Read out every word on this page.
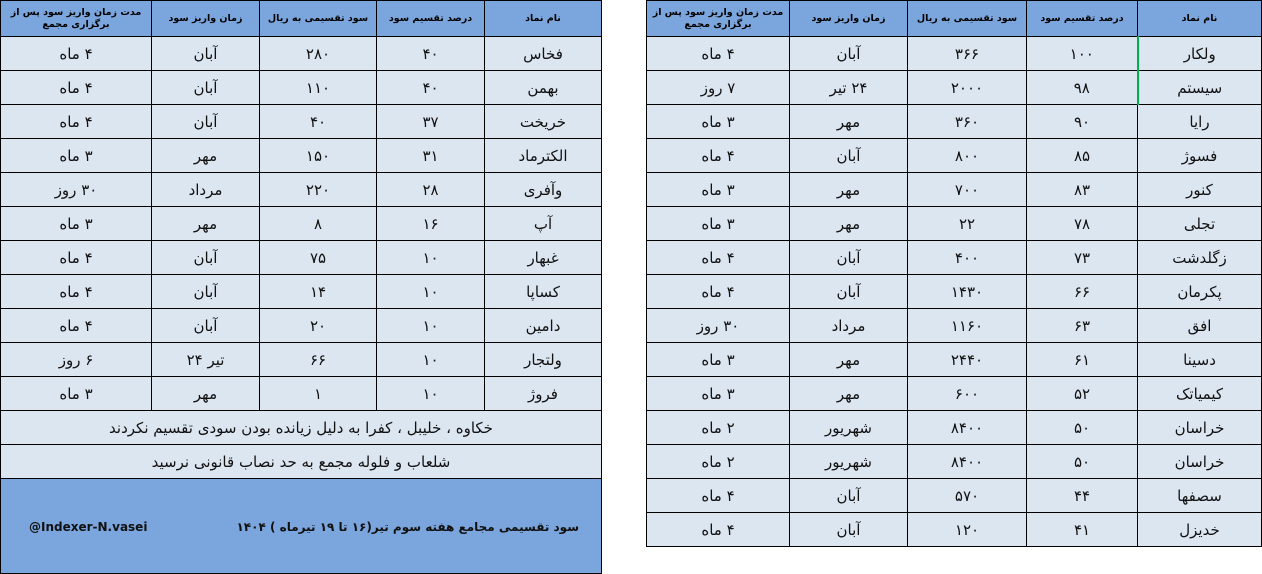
نام نماد	درصد تقسیم سود	سود تقسیمی به ریال	زمان واریز سود	مدت زمان واریز سود پس از برگزاری مجمع
فخاس	۴۰	۲۸۰	آبان	۴ ماه
بهمن	۴۰	۱۱۰	آبان	۴ ماه
خریخت	۳۷	۴۰	آبان	۴ ماه
الکترماد	۳۱	۱۵۰	مهر	۳ ماه
وآفری	۲۸	۲۲۰	مرداد	۳۰ روز
آپ	۱۶	۸	مهر	۳ ماه
غبهار	۱۰	۷۵	آبان	۴ ماه
کساپا	۱۰	۱۴	آبان	۴ ماه
دامین	۱۰	۲۰	آبان	۴ ماه
ولتجار	۱۰	۶۶	تیر ۲۴	۶ روز
فروژ	۱۰	۱	مهر	۳ ماه
خکاوه ، خلیبل ، کفرا به دلیل زیانده بودن سودی تقسیم نکردند				
شلعاب و فلوله مجمع به حد نصاب قانونی نرسید				

سود تقسیمی مجامع هفته سوم تیر(۱۶ تا ۱۹ تیرماه ) ۱۴۰۴
@Indexer-N.vasei				
نام نماد	درصد تقسیم سود	سود تقسیمی به ریال	زمان واریز سود	مدت زمان واریز سود پس از برگزاری مجمع
ولکار	۱۰۰	۳۶۶	آبان	۴ ماه
سیستم	۹۸	۲۰۰۰	۲۴ تیر	۷ روز
رایا	۹۰	۳۶۰	مهر	۳ ماه
فسوژ	۸۵	۸۰۰	آبان	۴ ماه
کنور	۸۳	۷۰۰	مهر	۳ ماه
تجلی	۷۸	۲۲	مهر	۳ ماه
زگلدشت	۷۳	۴۰۰	آبان	۴ ماه
پکرمان	۶۶	۱۴۳۰	آبان	۴ ماه
افق	۶۳	۱۱۶۰	مرداد	۳۰ روز
دسینا	۶۱	۲۴۴۰	مهر	۳ ماه
کیمیاتک	۵۲	۶۰۰	مهر	۳ ماه
خراسان	۵۰	۸۴۰۰	شهریور	۲ ماه
خراسان	۵۰	۸۴۰۰	شهریور	۲ ماه
سصفها	۴۴	۵۷۰	آبان	۴ ماه
خدیزل	۴۱	۱۲۰	آبان	۴ ماه
